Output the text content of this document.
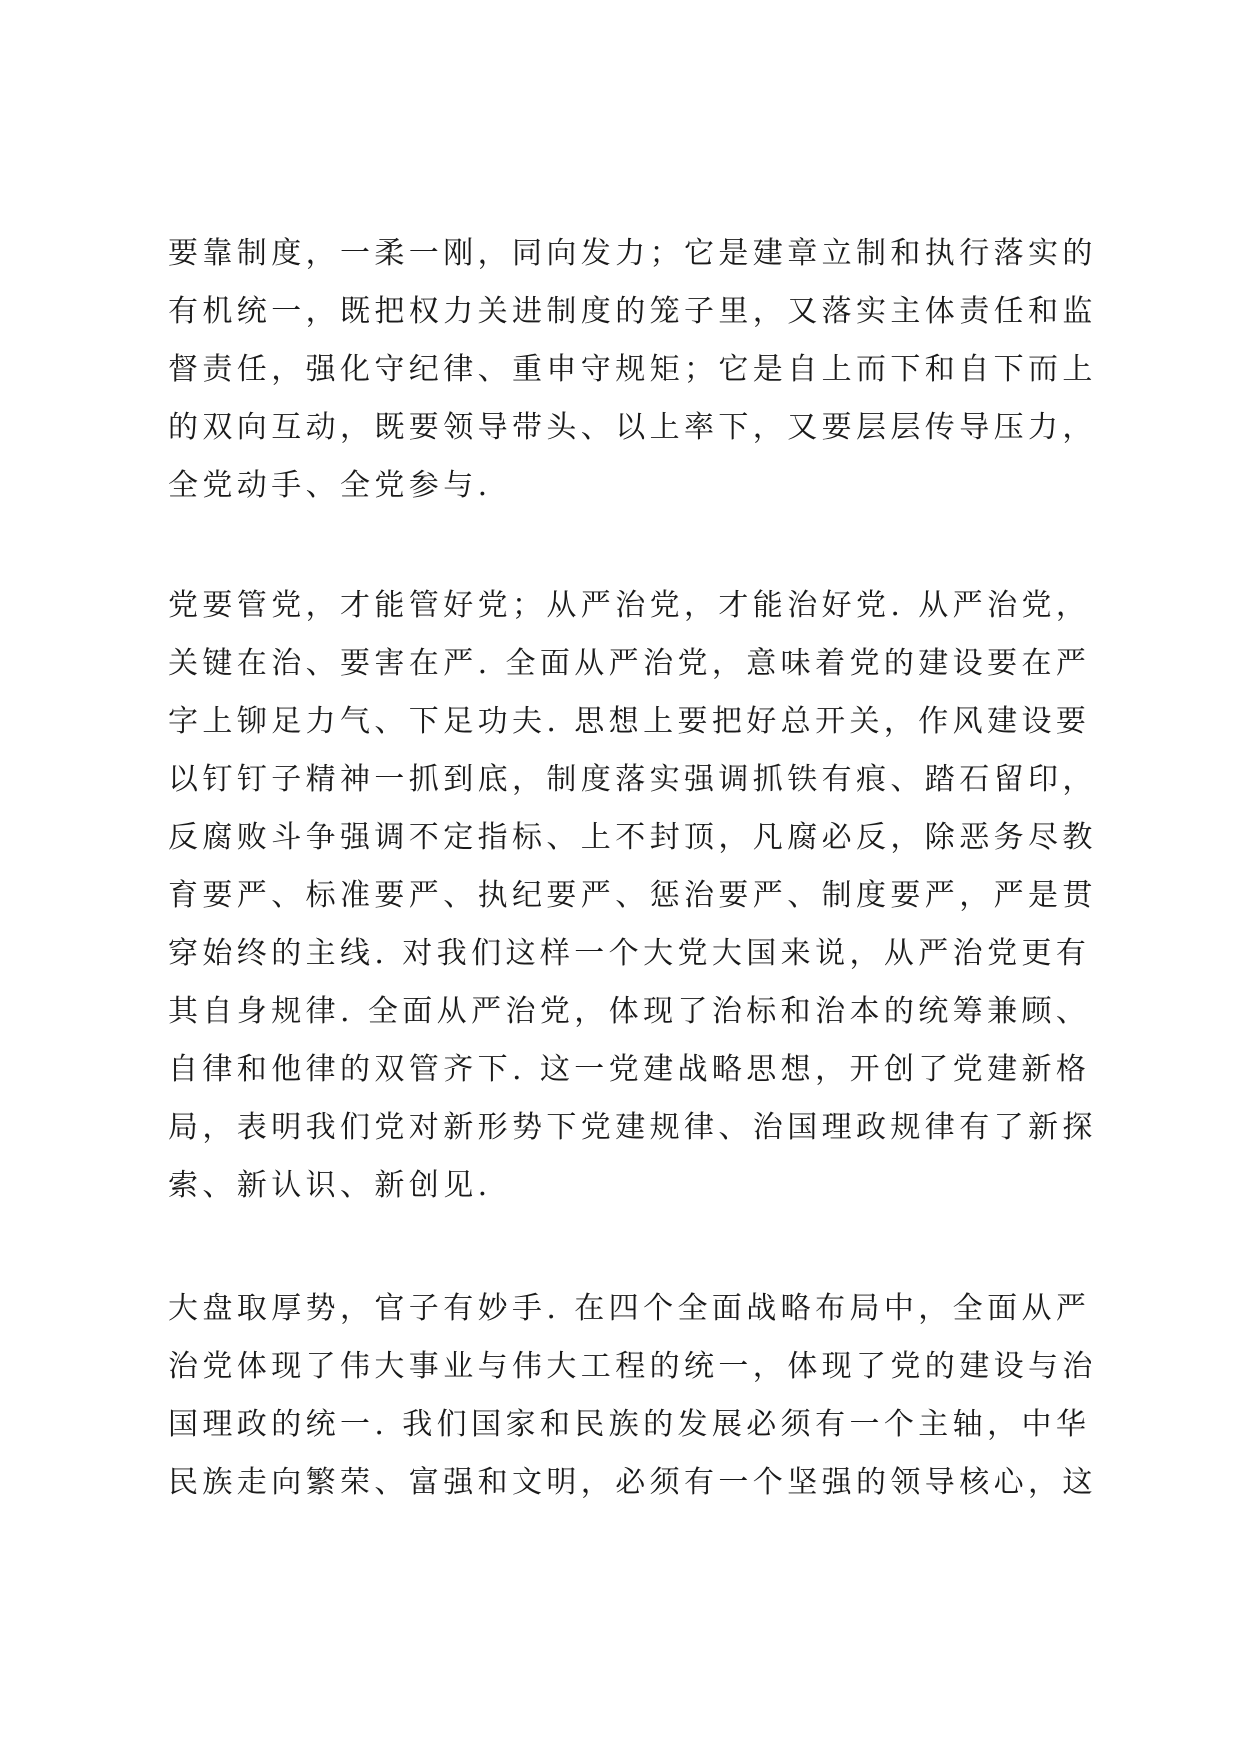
要靠制度，一柔一刚，同向发力；它是建章立制和执行落实的
有机统一，既把权力关进制度的笼子里，又落实主体责任和监
督责任，强化守纪律、重申守规矩；它是自上而下和自下而上
的双向互动，既要领导带头、以上率下，又要层层传导压力，
全党动手、全党参与.
党要管党，才能管好党；从严治党，才能治好党. 从严治党，
关键在治、要害在严. 全面从严治党，意味着党的建设要在严
字上铆足力气、下足功夫. 思想上要把好总开关，作风建设要
以钉钉子精神一抓到底，制度落实强调抓铁有痕、踏石留印，
反腐败斗争强调不定指标、上不封顶，凡腐必反，除恶务尽教
育要严、标准要严、执纪要严、惩治要严、制度要严，严是贯
穿始终的主线. 对我们这样一个大党大国来说，从严治党更有
其自身规律. 全面从严治党，体现了治标和治本的统筹兼顾、
自律和他律的双管齐下. 这一党建战略思想，开创了党建新格
局，表明我们党对新形势下党建规律、治国理政规律有了新探
索、新认识、新创见.
大盘取厚势，官子有妙手. 在四个全面战略布局中，全面从严
治党体现了伟大事业与伟大工程的统一，体现了党的建设与治
国理政的统一. 我们国家和民族的发展必须有一个主轴，中华
民族走向繁荣、富强和文明，必须有一个坚强的领导核心，这
